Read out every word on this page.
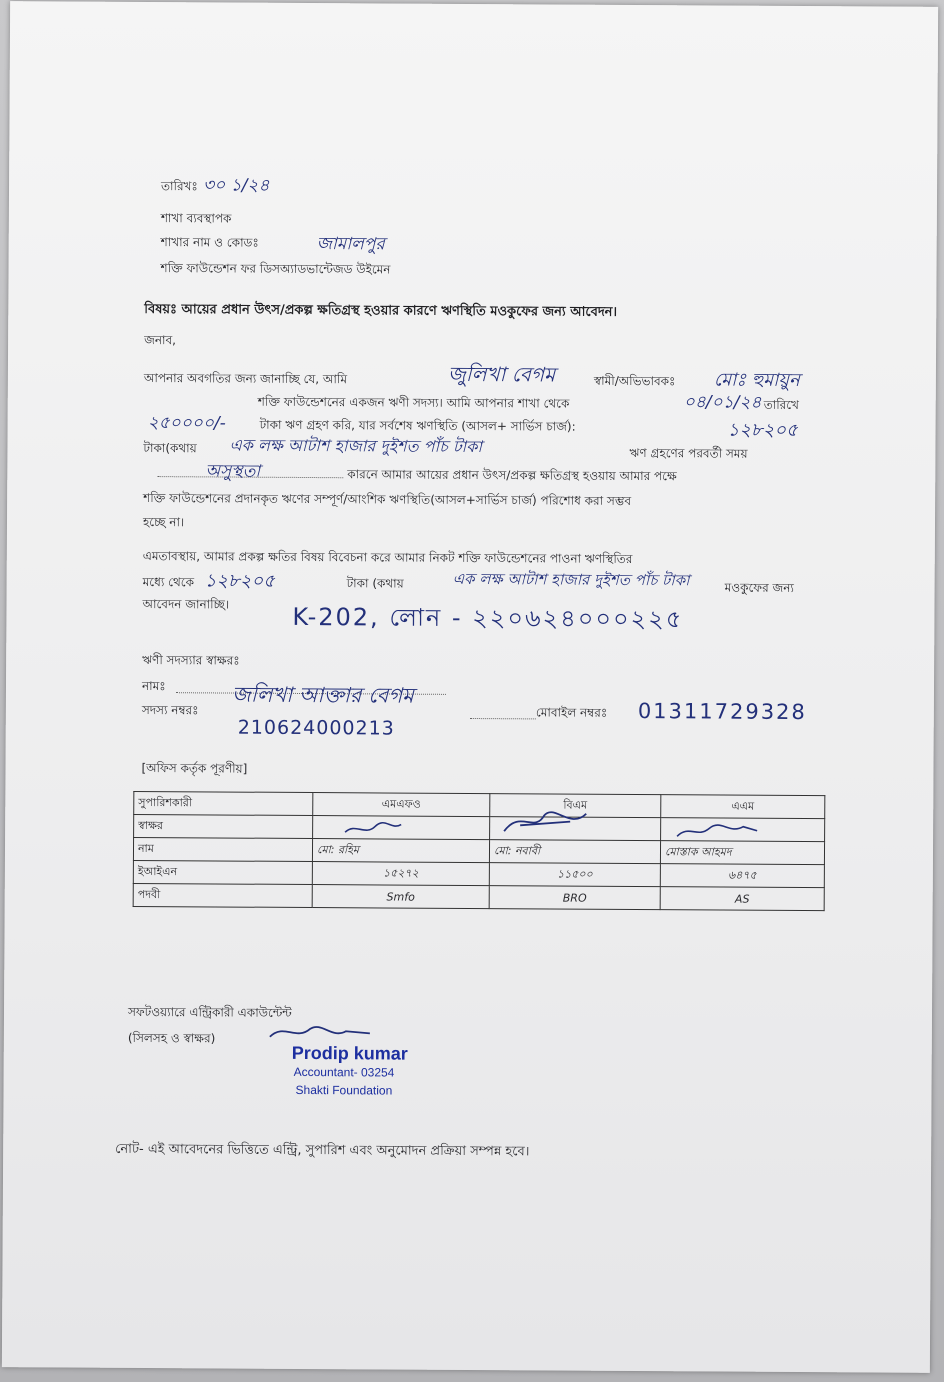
তারিখঃ ৩০ ১/২৪
শাখা ব্যবস্থাপক
শাখার নাম ও কোডঃ	জামালপুর
শক্তি ফাউন্ডেশন ফর ডিসঅ্যাডভান্টেজড উইমেন
বিষয়ঃ আয়ের প্রধান উৎস/প্রকল্প ক্ষতিগ্রস্থ হওয়ার কারণে ঋণস্থিতি মওকুফের জন্য আবেদন।
জনাব,
আপনার অবগতির জন্য জানাচ্ছি যে, আমি	জুলিখা বেগম	স্বামী/অভিভাবকঃ মোঃ হুমায়ুন
শক্তি ফাউন্ডেশনের একজন ঋণী সদস্য। আমি আপনার শাখা থেকে	০৪/০১/২৪ তারিখে
২৫০০০০/-	টাকা ঋণ গ্রহণ করি, যার সর্বশেষ ঋণস্থিতি (আসল+ সার্ভিস চার্জ):	১২৮২০৫
টাকা(কথায় এক লক্ষ আটাশ হাজার দুইশত পাঁচ টাকা	ঋণ গ্রহণের পরবর্তী সময়
অসুস্থতা	কারনে আমার আয়ের প্রধান উৎস/প্রকল্প ক্ষতিগ্রস্থ হওয়ায় আমার পক্ষে
শক্তি ফাউন্ডেশনের প্রদানকৃত ঋণের সম্পূর্ণ/আংশিক ঋণস্থিতি(আসল+সার্ভিস চার্জ) পরিশোধ করা সম্ভব
হচ্ছে না।
এমতাবস্থায়, আমার প্রকল্প ক্ষতির বিষয় বিবেচনা করে আমার নিকট শক্তি ফাউন্ডেশনের পাওনা ঋণস্থিতির
মধ্যে থেকে ১২৮২০৫	টাকা (কথায়	এক লক্ষ আটাশ হাজার দুইশত পাঁচ টাকা	মওকুফের জন্য
আবেদন জানাচ্ছি।	K-202, লোন - ২২০৬২৪০০০২২৫
ঋণী সদস্যার স্বাক্ষরঃ
নামঃ	জলিখা আক্তার বেগম
সদস্য নম্বরঃ
210624000213
মোবাইল নম্বরঃ 01311729328
[অফিস কর্তৃক পূরণীয়]
সুপারিশকারী	এমএফও	বিএম	এএম
স্বাক্ষর	

নাম	মো: রহিম	মো: নবাবী	মোস্তাক আহমদ
ইআইএন	১৫২৭২	১১৫০০	৬৪৭৫
পদবী	Smfo	BRO	AS
সফটওয়্যারে এন্ট্রিকারী একাউন্টেন্ট
(সিলসহ ও স্বাক্ষর)
Prodip kumar
Accountant- 03254
Shakti Foundation
নোট- এই আবেদনের ভিত্তিতে এন্ট্রি, সুপারিশ এবং অনুমোদন প্রক্রিয়া সম্পন্ন হবে।
